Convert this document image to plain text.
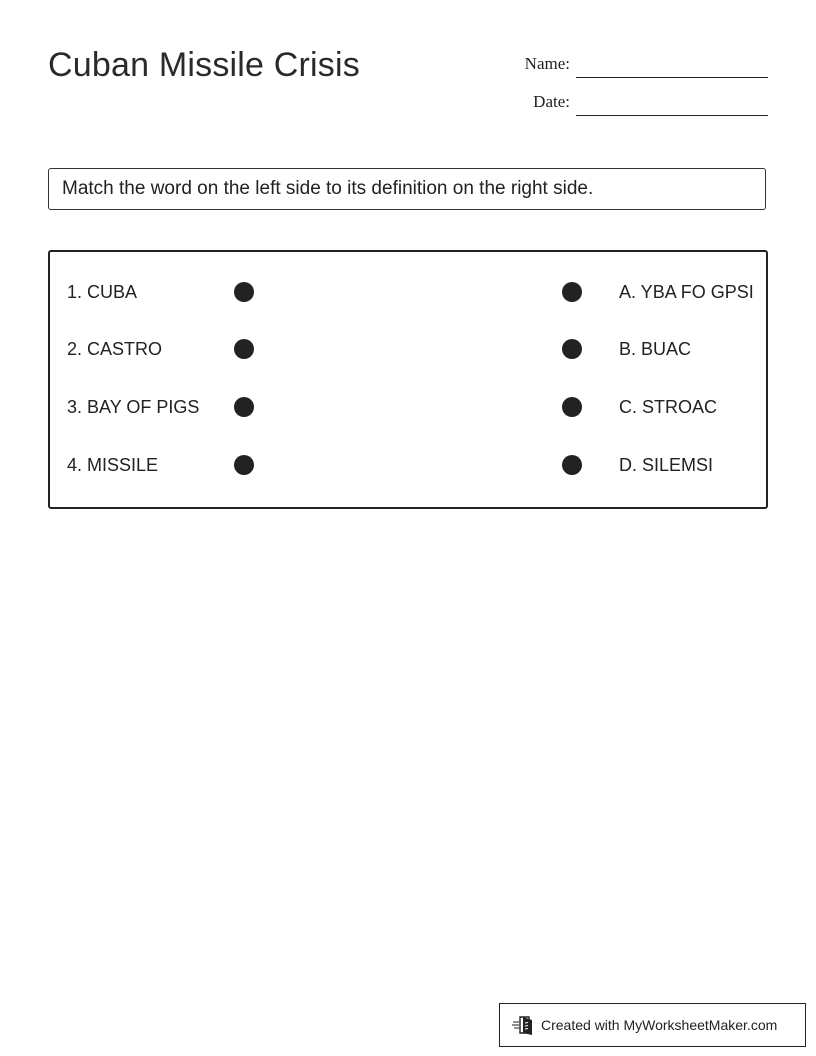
Cuban Missile Crisis	Name:
Date:
Match the word on the left side to its definition on the right side.
1. CUBA	A. YBA FO GPSI
2. CASTRO	B. BUAC
3. BAY OF PIGS	C. STROAC
4. MISSILE	D. SILEMSI
Created with MyWorksheetMaker.com
